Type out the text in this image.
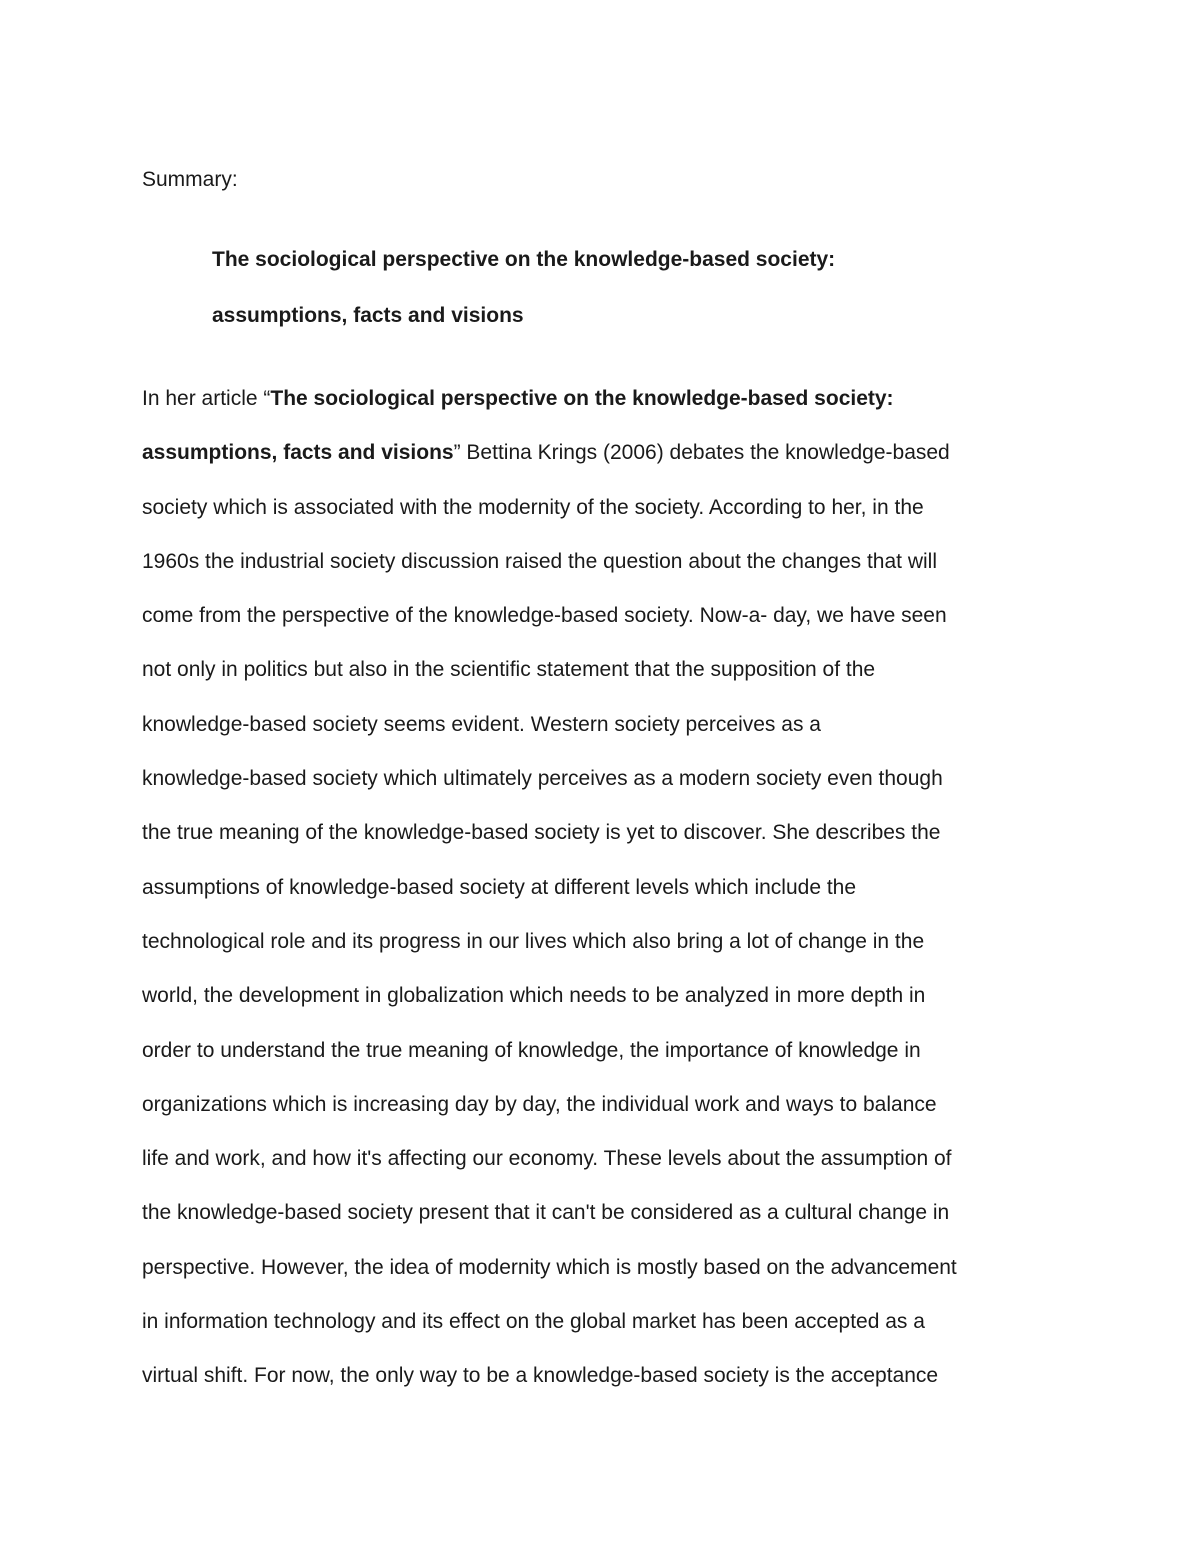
Summary:

The sociological perspective on the knowledge-based society:
assumptions, facts and visions
In her article “The sociological perspective on the knowledge-based society:
assumptions, facts and visions” Bettina Krings (2006) debates the knowledge-based
society which is associated with the modernity of the society. According to her, in the
1960s the industrial society discussion raised the question about the changes that will
come from the perspective of the knowledge-based society. Now-a- day, we have seen
not only in politics but also in the scientific statement that the supposition of the
knowledge-based society seems evident. Western society perceives as a
knowledge-based society which ultimately perceives as a modern society even though
the true meaning of the knowledge-based society is yet to discover. She describes the
assumptions of knowledge-based society at different levels which include the
technological role and its progress in our lives which also bring a lot of change in the
world, the development in globalization which needs to be analyzed in more depth in
order to understand the true meaning of knowledge, the importance of knowledge in
organizations which is increasing day by day, the individual work and ways to balance
life and work, and how it's affecting our economy. These levels about the assumption of
the knowledge-based society present that it can't be considered as a cultural change in
perspective. However, the idea of modernity which is mostly based on the advancement
in information technology and its effect on the global market has been accepted as a
virtual shift. For now, the only way to be a knowledge-based society is the acceptance
